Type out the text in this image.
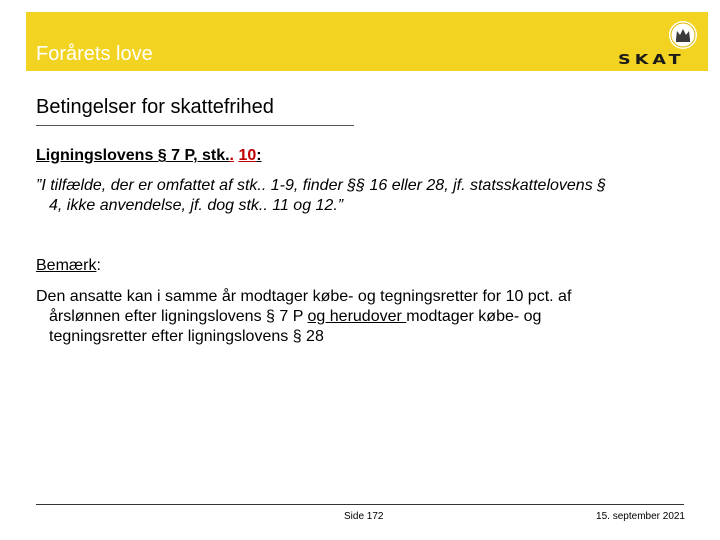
Forårets love	SKAT
Betingelser for skattefrihed
Ligningslovens § 7 P, stk.. 10:
”I tilfælde, der er omfattet af stk.. 1-9, finder §§ 16 eller 28, jf. statsskattelovens §
4, ikke anvendelse, jf. dog stk.. 11 og 12.”
Bemærk:
Den ansatte kan i samme år modtager købe- og tegningsretter for 10 pct. af
årslønnen efter ligningslovens § 7 P og herudover modtager købe- og
tegningsretter efter ligningslovens § 28
Side 172	15. september 2021
